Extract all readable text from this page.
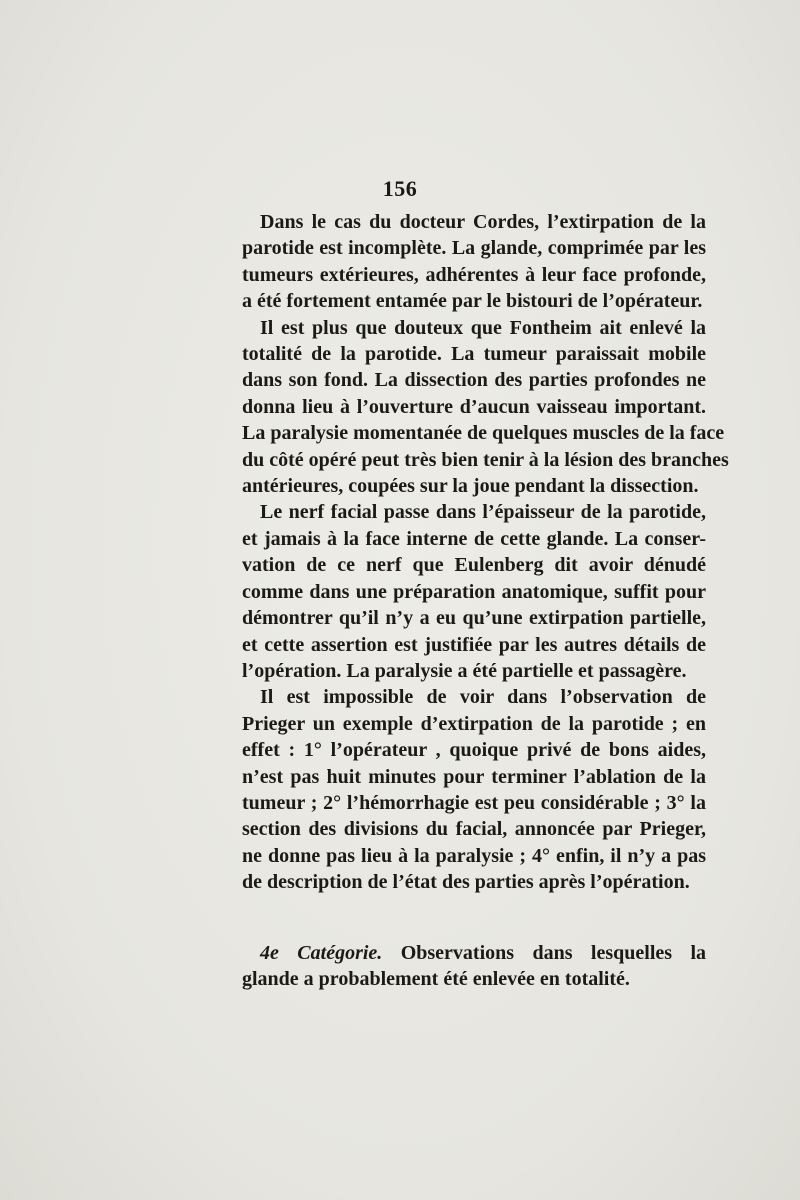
156

Dans le cas du docteur Cordes, l’extirpation de la
parotide est incomplète. La glande, comprimée par les
tumeurs extérieures, adhérentes à leur face profonde,
a été fortement entamée par le bistouri de l’opérateur.

Il est plus que douteux que Fontheim ait enlevé la
totalité de la parotide. La tumeur paraissait mobile
dans son fond. La dissection des parties profondes ne
donna lieu à l’ouverture d’aucun vaisseau important.
La paralysie momentanée de quelques muscles de la face
du côté opéré peut très bien tenir à la lésion des branches
antérieures, coupées sur la joue pendant la dissection.

Le nerf facial passe dans l’épaisseur de la parotide,
et jamais à la face interne de cette glande. La conser-
vation de ce nerf que Eulenberg dit avoir dénudé
comme dans une préparation anatomique, suffit pour
démontrer qu’il n’y a eu qu’une extirpation partielle,
et cette assertion est justifiée par les autres détails de
l’opération. La paralysie a été partielle et passagère.

Il est impossible de voir dans l’observation de
Prieger un exemple d’extirpation de la parotide ; en
effet : 1° l’opérateur , quoique privé de bons aides,
n’est pas huit minutes pour terminer l’ablation de la
tumeur ; 2° l’hémorrhagie est peu considérable ; 3° la
section des divisions du facial, annoncée par Prieger,
ne donne pas lieu à la paralysie ; 4° enfin, il n’y a pas
de description de l’état des parties après l’opération.

4e Catégorie. Observations dans lesquelles la
glande a probablement été enlevée en totalité.
